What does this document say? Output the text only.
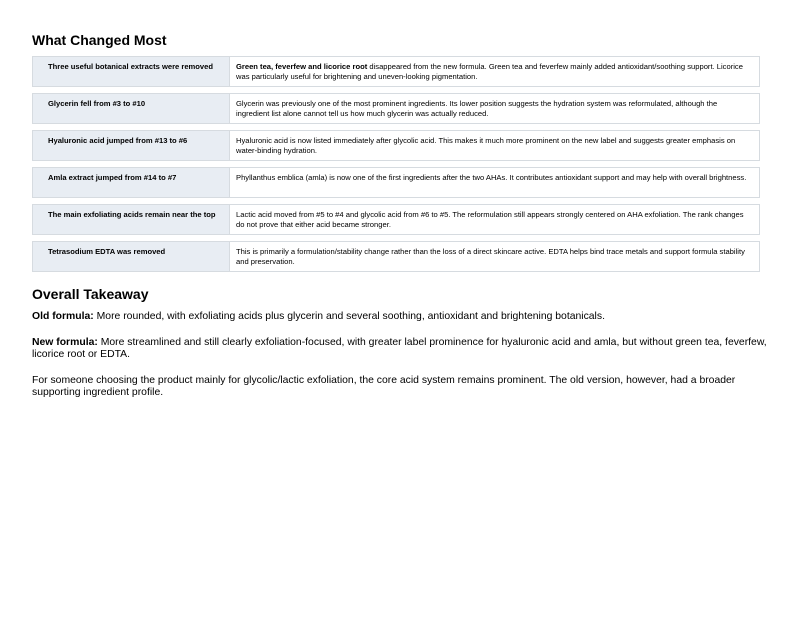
What Changed Most
Three useful botanical extracts were removed	Green tea, feverfew and licorice root disappeared from the new formula. Green tea and feverfew mainly added antioxidant/soothing support. Licorice was particularly useful for brightening and uneven-looking pigmentation.
Glycerin fell from #3 to #10	Glycerin was previously one of the most prominent ingredients. Its lower position suggests the hydration system was reformulated, although the ingredient list alone cannot tell us how much glycerin was actually reduced.
Hyaluronic acid jumped from #13 to #6	Hyaluronic acid is now listed immediately after glycolic acid. This makes it much more prominent on the new label and suggests greater emphasis on water-binding hydration.
Amla extract jumped from #14 to #7	Phyllanthus emblica (amla) is now one of the first ingredients after the two AHAs. It contributes antioxidant support and may help with overall brightness.
The main exfoliating acids remain near the top	Lactic acid moved from #5 to #4 and glycolic acid from #6 to #5. The reformulation still appears strongly centered on AHA exfoliation. The rank changes do not prove that either acid became stronger.
Tetrasodium EDTA was removed	This is primarily a formulation/stability change rather than the loss of a direct skincare active. EDTA helps bind trace metals and support formula stability and preservation.
Overall Takeaway

Old formula: More rounded, with exfoliating acids plus glycerin and several soothing, antioxidant and brightening botanicals.

New formula: More streamlined and still clearly exfoliation-focused, with greater label prominence for hyaluronic acid and amla, but without green tea, feverfew, licorice root or EDTA.

For someone choosing the product mainly for glycolic/lactic exfoliation, the core acid system remains prominent. The old version, however, had a broader supporting ingredient profile.
